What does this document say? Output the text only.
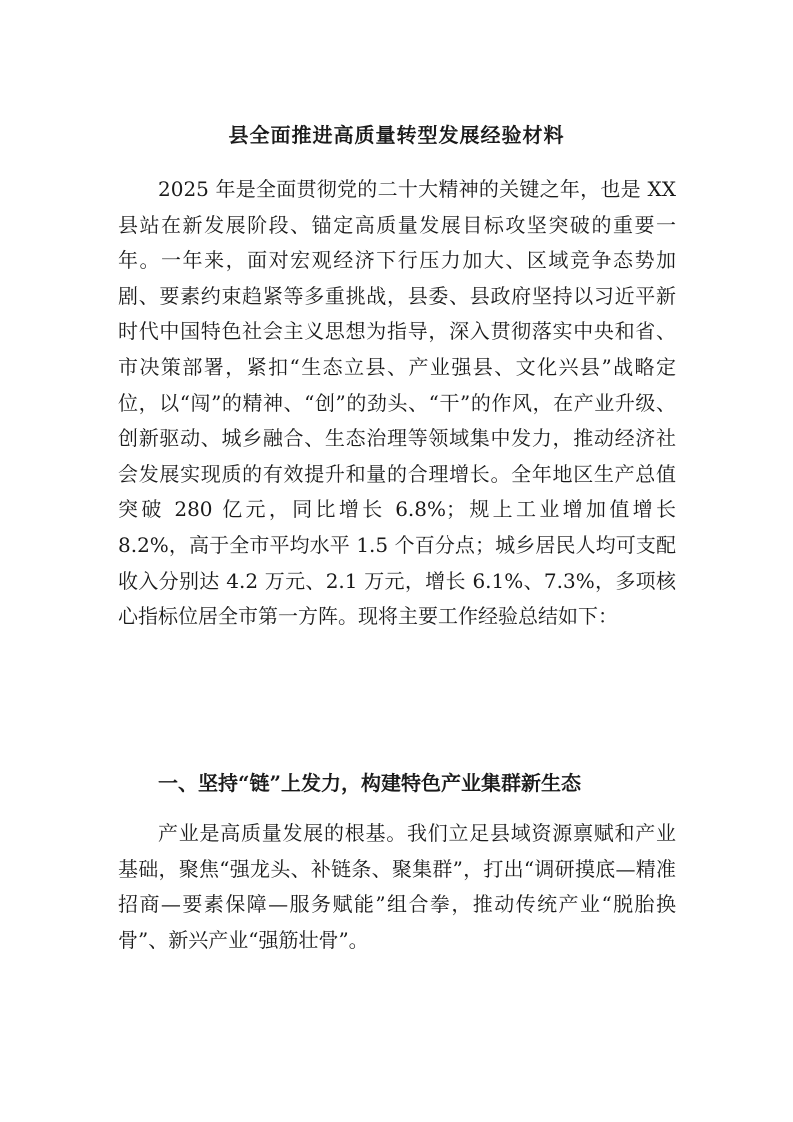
县全面推进高质量转型发展经验材料

2025 年是全面贯彻党的二十大精神的关键之年，也是 XX 县站在新发展阶段、锚定高质量发展目标攻坚突破的重要一年。一年来，面对宏观经济下行压力加大、区域竞争态势加剧、要素约束趋紧等多重挑战，县委、县政府坚持以习近平新时代中国特色社会主义思想为指导，深入贯彻落实中央和省、市决策部署，紧扣“生态立县、产业强县、文化兴县”战略定位，以“闯”的精神、“创”的劲头、“干”的作风，在产业升级、创新驱动、城乡融合、生态治理等领域集中发力，推动经济社会发展实现质的有效提升和量的合理增长。全年地区生产总值突破 280 亿元，同比增长 6.8%；规上工业增加值增长 8.2%，高于全市平均水平 1.5 个百分点；城乡居民人均可支配收入分别达 4.2 万元、2.1 万元，增长 6.1%、7.3%，多项核心指标位居全市第一方阵。现将主要工作经验总结如下：

一、坚持“链”上发力，构建特色产业集群新生态

产业是高质量发展的根基。我们立足县域资源禀赋和产业基础，聚焦“强龙头、补链条、聚集群”，打出“调研摸底—精准招商—要素保障—服务赋能”组合拳，推动传统产业“脱胎换骨”、新兴产业“强筋壮骨”。
